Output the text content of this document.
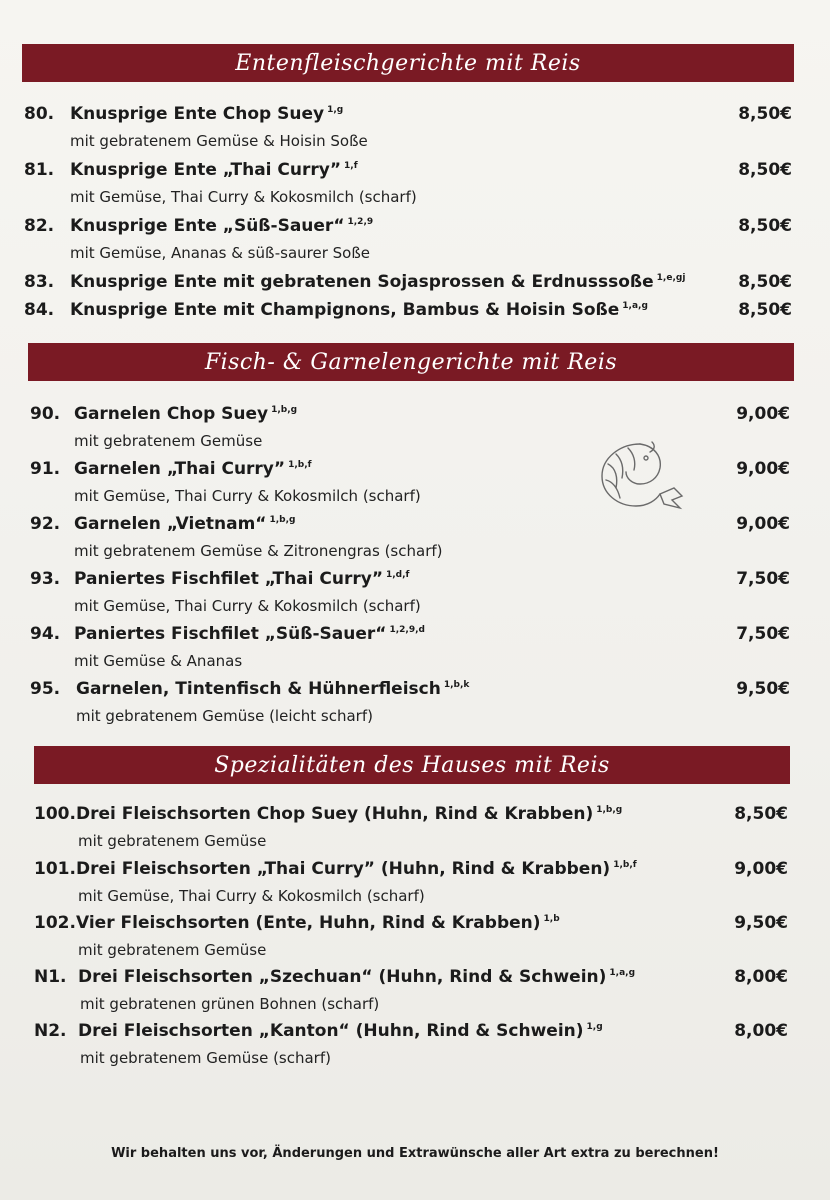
Entenfleischgerichte mit Reis
80. Knusprige Ente Chop Suey $^{1,g}$
mit gebratenem Gemüse & Hoisin Soße
8,50€
81. Knusprige Ente „Thai Curry” $^{1,f}$
mit Gemüse, Thai Curry & Kokosmilch (scharf)
8,50€
82. Knusprige Ente „Süß-Sauer“ $^{1,2,9}$
mit Gemüse, Ananas & süß-saurer Soße
8,50€
83. Knusprige Ente mit gebratenen Sojasprossen & Erdnusssoße $^{1,e,gj}$	8,50€
84. Knusprige Ente mit Champignons, Bambus & Hoisin Soße $^{1,a,g}$	8,50€
Fisch- & Garnelengerichte mit Reis
90. Garnelen Chop Suey $^{1,b,g}$
mit gebratenem Gemüse
9,00€
91. Garnelen „Thai Curry” $^{1,b,f}$
mit Gemüse, Thai Curry & Kokosmilch (scharf)
9,00€
92. Garnelen „Vietnam“ $^{1,b,g}$
mit gebratenem Gemüse & Zitronengras (scharf)
9,00€
93. Paniertes Fischfilet „Thai Curry” $^{1,d,f}$
mit Gemüse, Thai Curry & Kokosmilch (scharf)
7,50€
94. Paniertes Fischfilet „Süß-Sauer“ $^{1,2,9,d}$
mit Gemüse & Ananas
7,50€
95. Garnelen, Tintenfisch & Hühnerfleisch $^{1,b,k}$
mit gebratenem Gemüse (leicht scharf)
9,50€
Spezialitäten des Hauses mit Reis
100. Drei Fleischsorten Chop Suey (Huhn, Rind & Krabben) $^{1,b,g}$
mit gebratenem Gemüse
8,50€
101. Drei Fleischsorten „Thai Curry” (Huhn, Rind & Krabben) $^{1,b,f}$
mit Gemüse, Thai Curry & Kokosmilch (scharf)
9,00€
102. Vier Fleischsorten (Ente, Huhn, Rind & Krabben) $^{1,b}$
mit gebratenem Gemüse
9,50€
N1. Drei Fleischsorten „Szechuan“ (Huhn, Rind & Schwein) $^{1,a,g}$
mit gebratenen grünen Bohnen (scharf)
8,00€
N2. Drei Fleischsorten „Kanton“ (Huhn, Rind & Schwein) $^{1,g}$
mit gebratenem Gemüse (scharf)
8,00€
Wir behalten uns vor, Änderungen und Extrawünsche aller Art extra zu berechnen!
